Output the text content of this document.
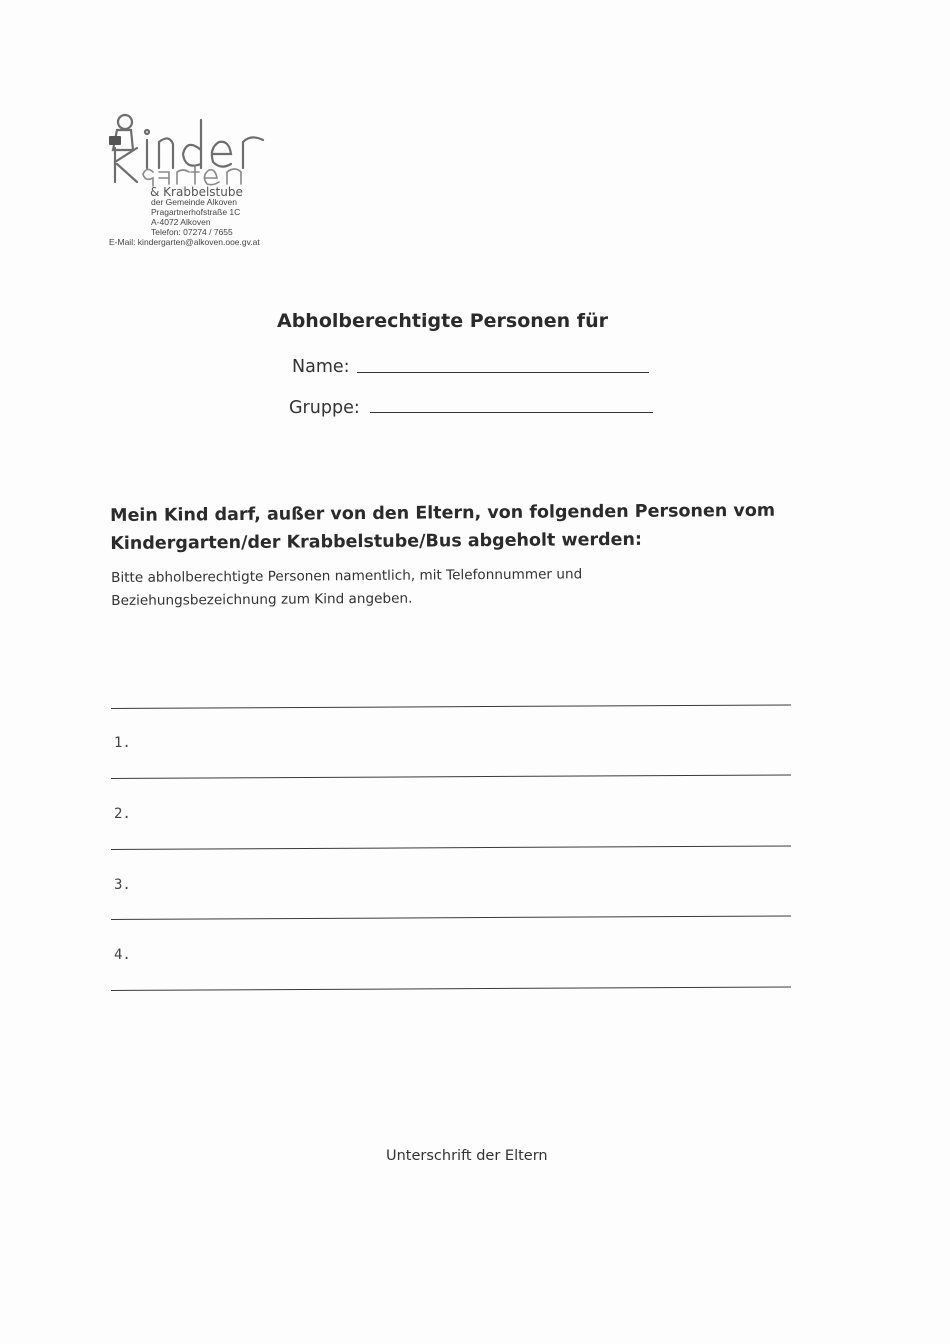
& Krabbelstube
der Gemeinde Alkoven
Pragartnerhofstraße 1C
A-4072 Alkoven
Telefon: 07274 / 7655
E-Mail: kindergarten@alkoven.ooe.gv.at
Abholberechtigte Personen für
Name:
Gruppe:
Mein Kind darf, außer von den Eltern, von folgenden Personen vom
Kindergarten/der Krabbelstube/Bus abgeholt werden:
Bitte abholberechtigte Personen namentlich, mit Telefonnummer und
Beziehungsbezeichnung zum Kind angeben.
1.
2.
3.
4.
Unterschrift der Eltern
